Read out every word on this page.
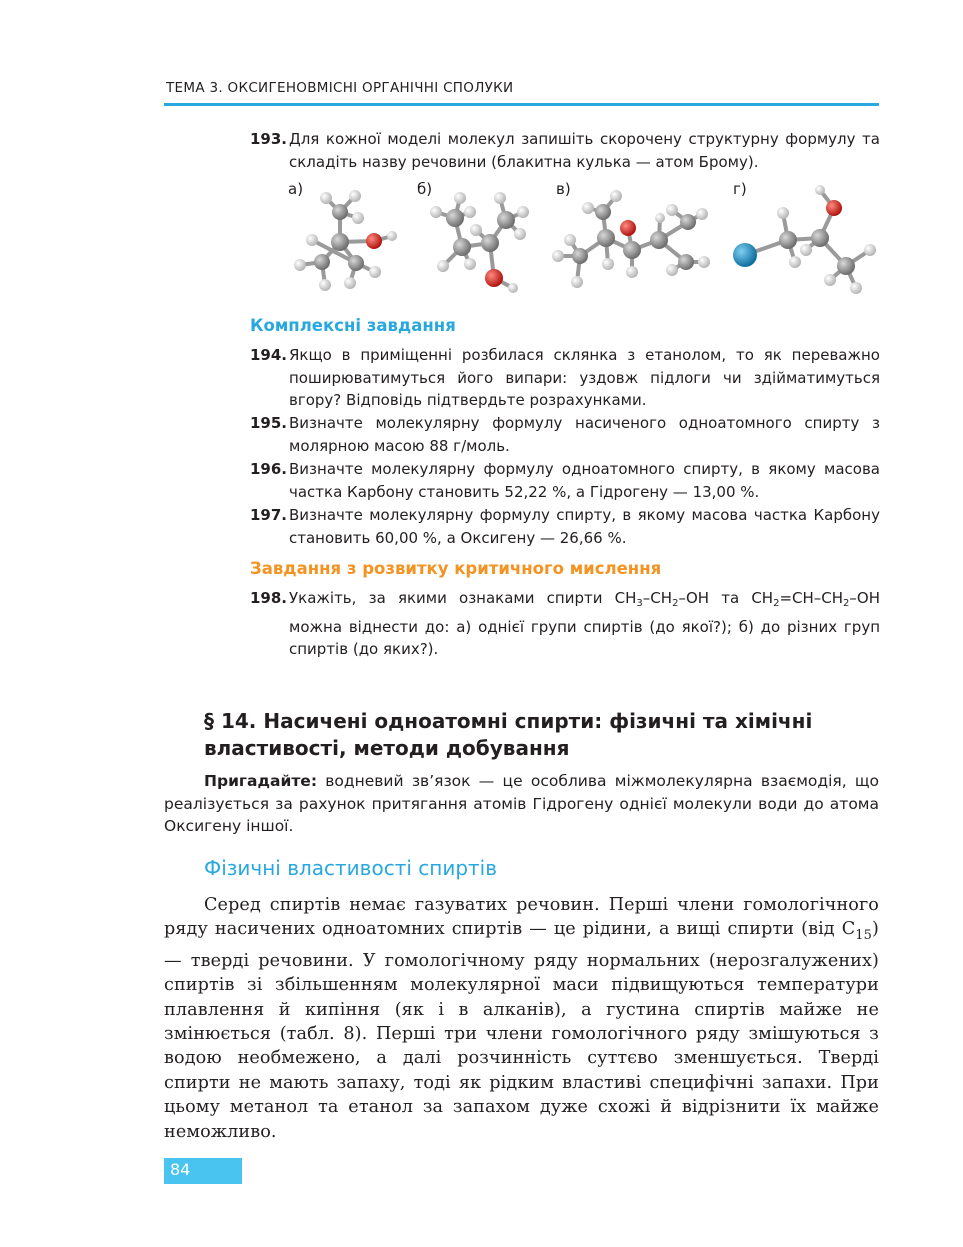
ТЕМА 3. ОКСИГЕНОВМІСНІ ОРГАНІЧНІ СПОЛУКИ
193. Для кожної моделі молекул запишіть скорочену структурну формулу та складіть назву речовини (блакитна кулька — атом Брому).
а)	б)	в)	г)
Комплексні завдання
194. Якщо в приміщенні розбилася склянка з етанолом, то як переважно поширюватимуться його випари: уздовж підлоги чи здійматимуться вгору? Відповідь підтвердьте розрахунками.
195. Визначте молекулярну формулу насиченого одноатомного спирту з молярною масою 88 г/моль.
196. Визначте молекулярну формулу одноатомного спирту, в якому масова частка Карбону становить 52,22 %, а Гідрогену — 13,00 %.
197. Визначте молекулярну формулу спирту, в якому масова частка Карбону становить 60,00 %, а Оксигену — 26,66 %.
Завдання з розвитку критичного мислення
198. Укажіть, за якими ознаками спирти $CH_3-CH_2-OH$ та $CH_2=CH-CH_2-OH$ можна віднести до: а) однієї групи спиртів (до якої?); б) до різних груп спиртів (до яких?).
§ 14. Насичені одноатомні спирти: фізичні та хімічні властивості, методи добування
Пригадайте: водневий зв’язок — це особлива міжмолекулярна взаємодія, що реалізується за рахунок притягання атомів Гідрогену однієї молекули води до атома Оксигену іншої.
Фізичні властивості спиртів
Серед спиртів немає газуватих речовин. Перші члени гомологічного ряду насичених одноатомних спиртів — це рідини, а вищі спирти (від $C_{15}$) — тверді речовини. У гомологічному ряду нормальних (нерозгалужених) спиртів зі збільшенням молекулярної маси підвищуються температури плавлення й кипіння (як і в алканів), а густина спиртів майже не змінюється (табл. 8). Перші три члени гомологічного ряду змішуються з водою необмежено, а далі розчинність суттєво зменшується. Тверді спирти не мають запаху, тоді як рідким властиві специфічні запахи. При цьому метанол та етанол за запахом дуже схожі й відрізнити їх майже неможливо.
84
